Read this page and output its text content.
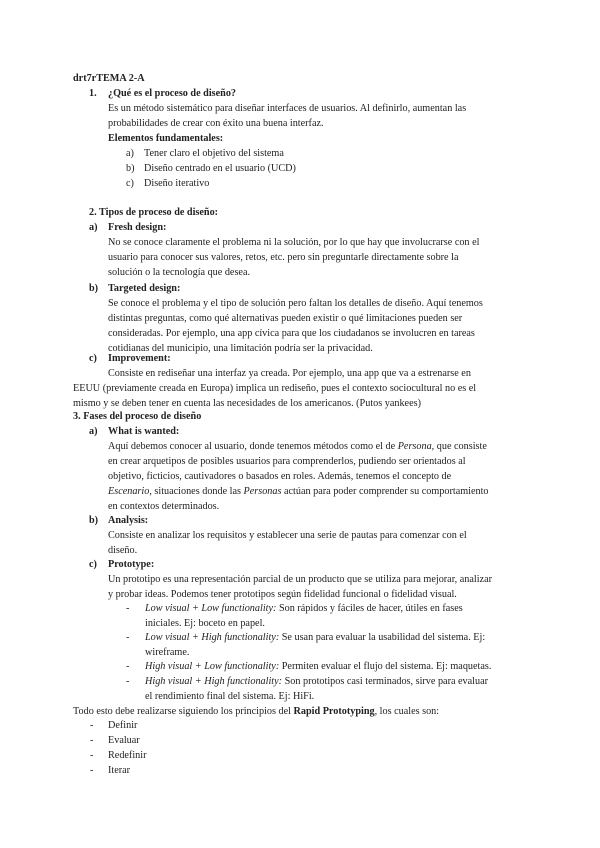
drt7rTEMA 2-A
1. ¿Qué es el proceso de diseño?
Es un método sistemático para diseñar interfaces de usuarios. Al definirlo, aumentan las
probabilidades de crear con éxito una buena interfaz.
Elementos fundamentales:
a) Tener claro el objetivo del sistema
b) Diseño centrado en el usuario (UCD)
c) Diseño iterativo
2. Tipos de proceso de diseño:
a) Fresh design:
No se conoce claramente el problema ni la solución, por lo que hay que involucrarse con el
usuario para conocer sus valores, retos, etc. pero sin preguntarle directamente sobre la
solución o la tecnología que desea.
b) Targeted design:
Se conoce el problema y el tipo de solución pero faltan los detalles de diseño. Aquí tenemos
distintas preguntas, como qué alternativas pueden existir o qué limitaciones pueden ser
consideradas. Por ejemplo, una app cívica para que los ciudadanos se involucren en tareas
cotidianas del municipio, una limitación podría ser la privacidad.
c) Improvement:
Consiste en rediseñar una interfaz ya creada. Por ejemplo, una app que va a estrenarse en
EEUU (previamente creada en Europa) implica un rediseño, pues el contexto sociocultural no es el
mismo y se deben tener en cuenta las necesidades de los americanos. (Putos yankees)
3. Fases del proceso de diseño
a) What is wanted:
Aquí debemos conocer al usuario, donde tenemos métodos como el de Persona, que consiste
en crear arquetipos de posibles usuarios para comprenderlos, pudiendo ser orientados al
objetivo, ficticios, cautivadores o basados en roles. Además, tenemos el concepto de
Escenario, situaciones donde las Personas actúan para poder comprender su comportamiento
en contextos determinados.
b) Analysis:
Consiste en analizar los requisitos y establecer una serie de pautas para comenzar con el
diseño.
c) Prototype:
Un prototipo es una representación parcial de un producto que se utiliza para mejorar, analizar
y probar ideas. Podemos tener prototipos según fidelidad funcional o fidelidad visual.
- Low visual + Low functionality: Son rápidos y fáciles de hacer, útiles en fases
iniciales. Ej: boceto en papel.
- Low visual + High functionality: Se usan para evaluar la usabilidad del sistema. Ej:
wireframe.
- High visual + Low functionality: Permiten evaluar el flujo del sistema. Ej: maquetas.
- High visual + High functionality: Son prototipos casi terminados, sirve para evaluar
el rendimiento final del sistema. Ej: HiFi.
Todo esto debe realizarse siguiendo los principios del Rapid Prototyping, los cuales son:
- Definir
- Evaluar
- Redefinir
- Iterar
